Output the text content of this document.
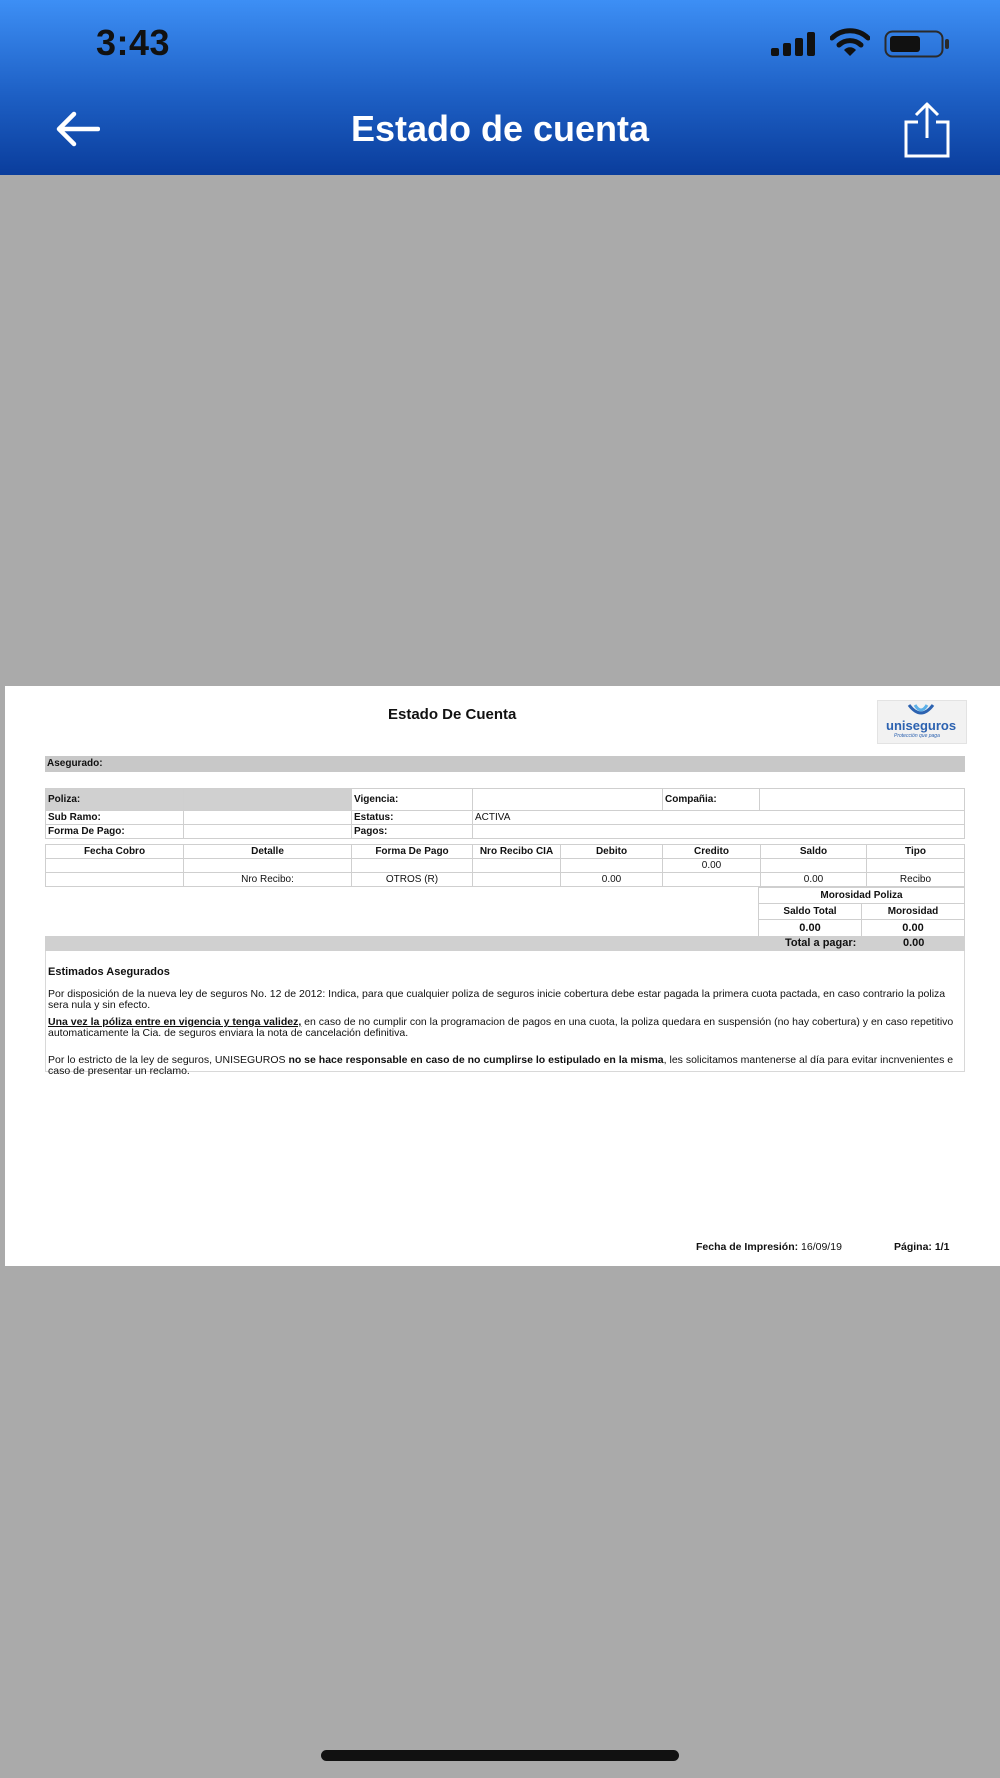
3:43
Estado de cuenta
Estado De Cuenta
uniseguros
Protección que paga
Asegurado:
Poliza:		Vigencia:		Compañia:	
Sub Ramo:		Estatus:	ACTIVA		
Forma De Pago:		Pagos:			
Fecha Cobro	Detalle	Forma De Pago	Nro Recibo CIA	Debito	Credito	Saldo	Tipo
					0.00		
	Nro Recibo:	OTROS (R)		0.00		0.00	Recibo
Morosidad Poliza	
Saldo Total	Morosidad
0.00	0.00
Total a pagar:	0.00

Estimados Asegurados

Por disposición de la nueva ley de seguros No. 12 de 2012: Indica, para que cualquier poliza de seguros inicie cobertura debe estar pagada la primera cuota pactada, en caso contrario la poliza sera nula y sin efecto.

Una vez la póliza entre en vigencia y tenga validez, en caso de no cumplir con la programacion de pagos en una cuota, la poliza quedara en suspensión (no hay cobertura) y en caso repetitivo automaticamente la Cia. de seguros enviara la nota de cancelación definitiva.

Por lo estricto de la ley de seguros, UNISEGUROS no se hace responsable en caso de no cumplirse lo estipulado en la misma, les solicitamos mantenerse al día para evitar incnvenientes e caso de presentar un reclamo.

Fecha de Impresión: 16/09/19	Página: 1/1
